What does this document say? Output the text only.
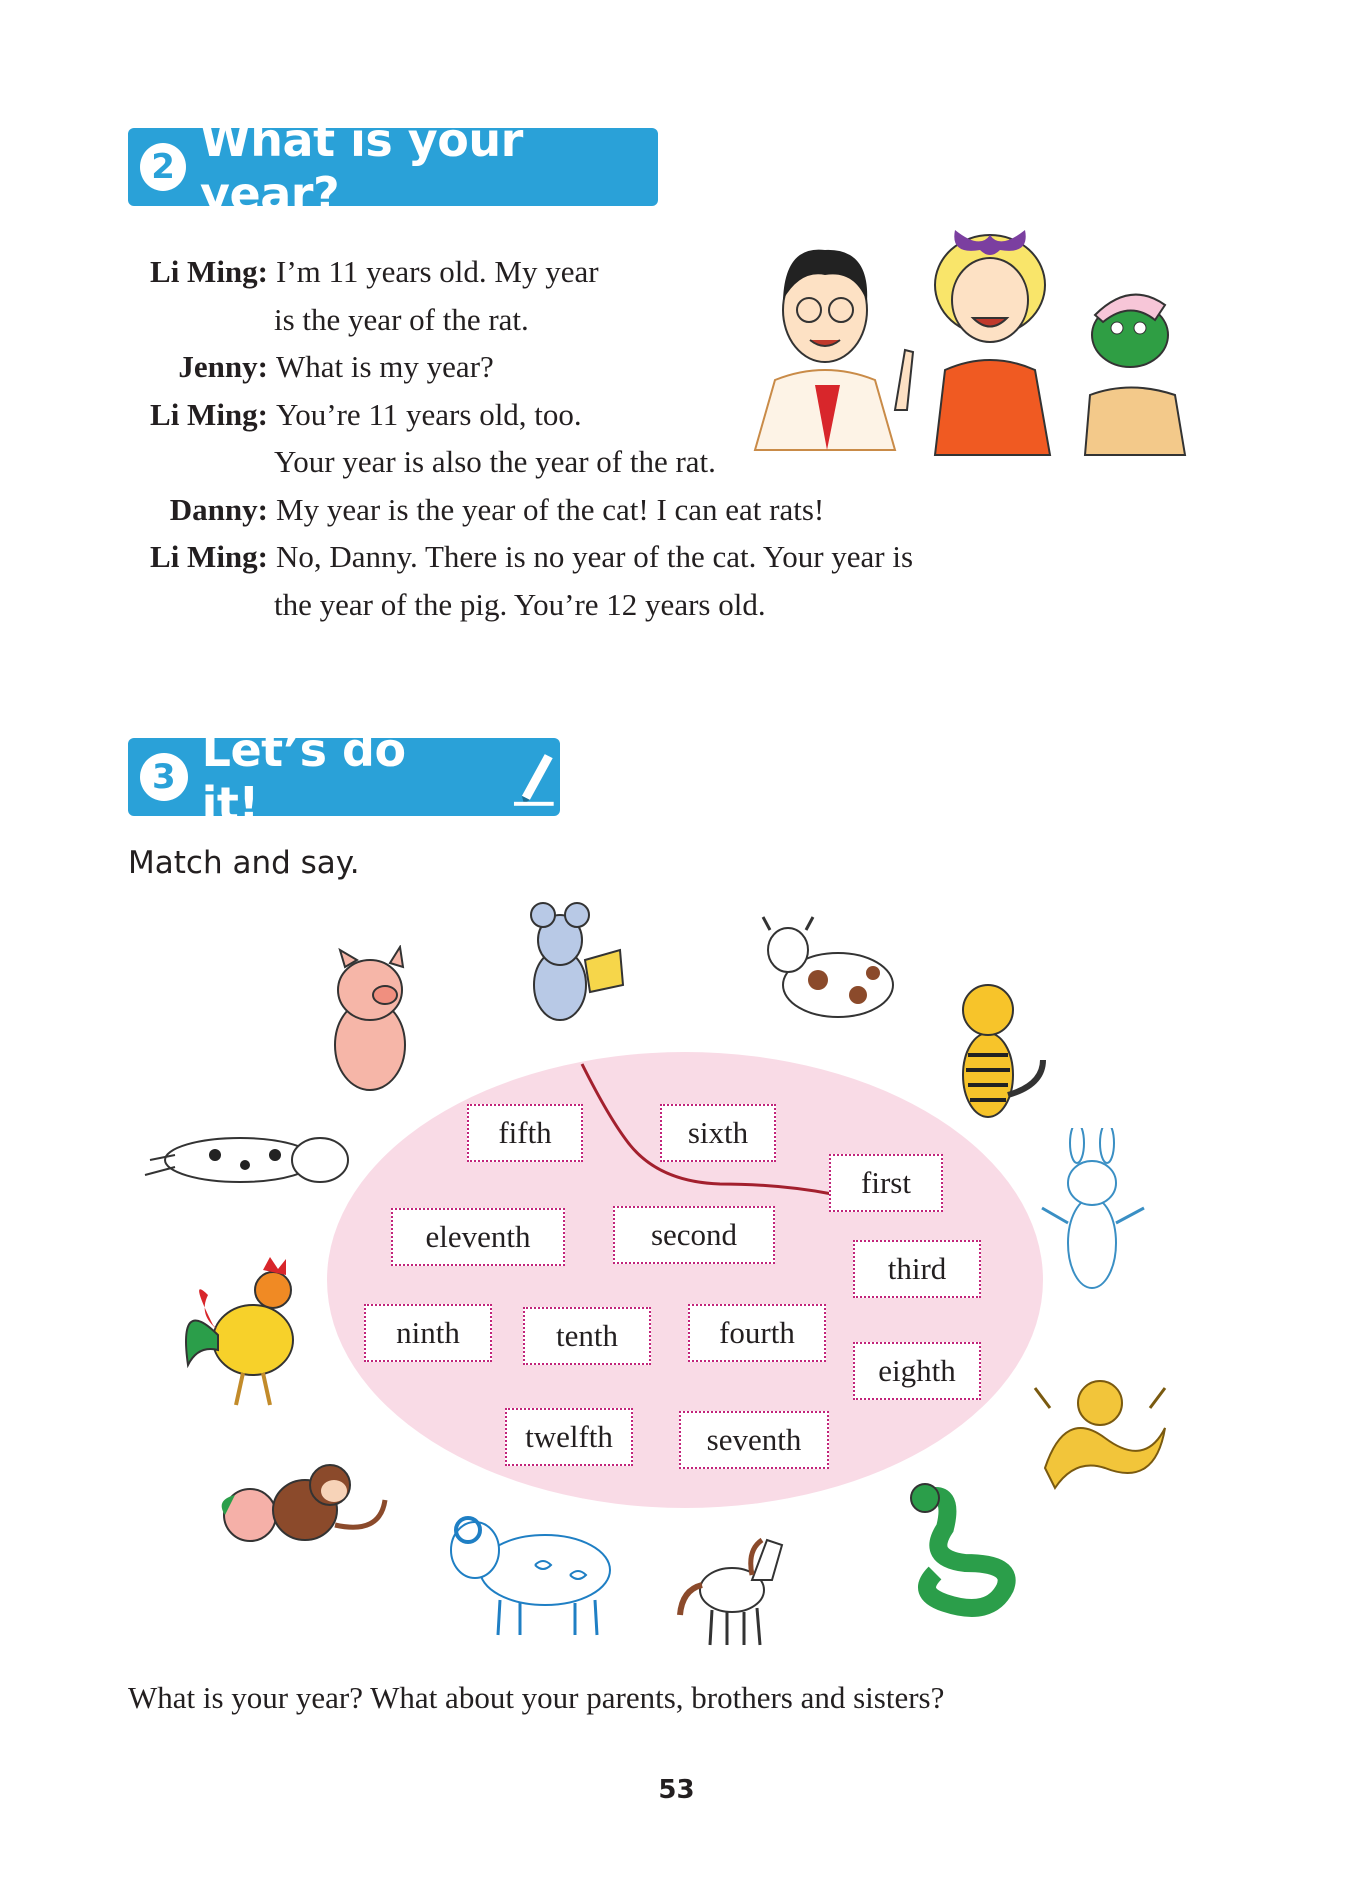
2 What is your year?
Li Ming: I’m 11 years old. My year
is the year of the rat.
Jenny: What is my year?
Li Ming: You’re 11 years old, too.
Your year is also the year of the rat.
Danny: My year is the year of the cat! I can eat rats!
Li Ming: No, Danny. There is no year of the cat. Your year is
the year of the pig. You’re 12 years old.
3 Let’s do it!
Match and say.
fifth	sixth
first
eleventh	second
third
ninth	tenth	fourth
eighth
twelfth	seventh
What is your year? What about your parents, brothers and sisters?
53
